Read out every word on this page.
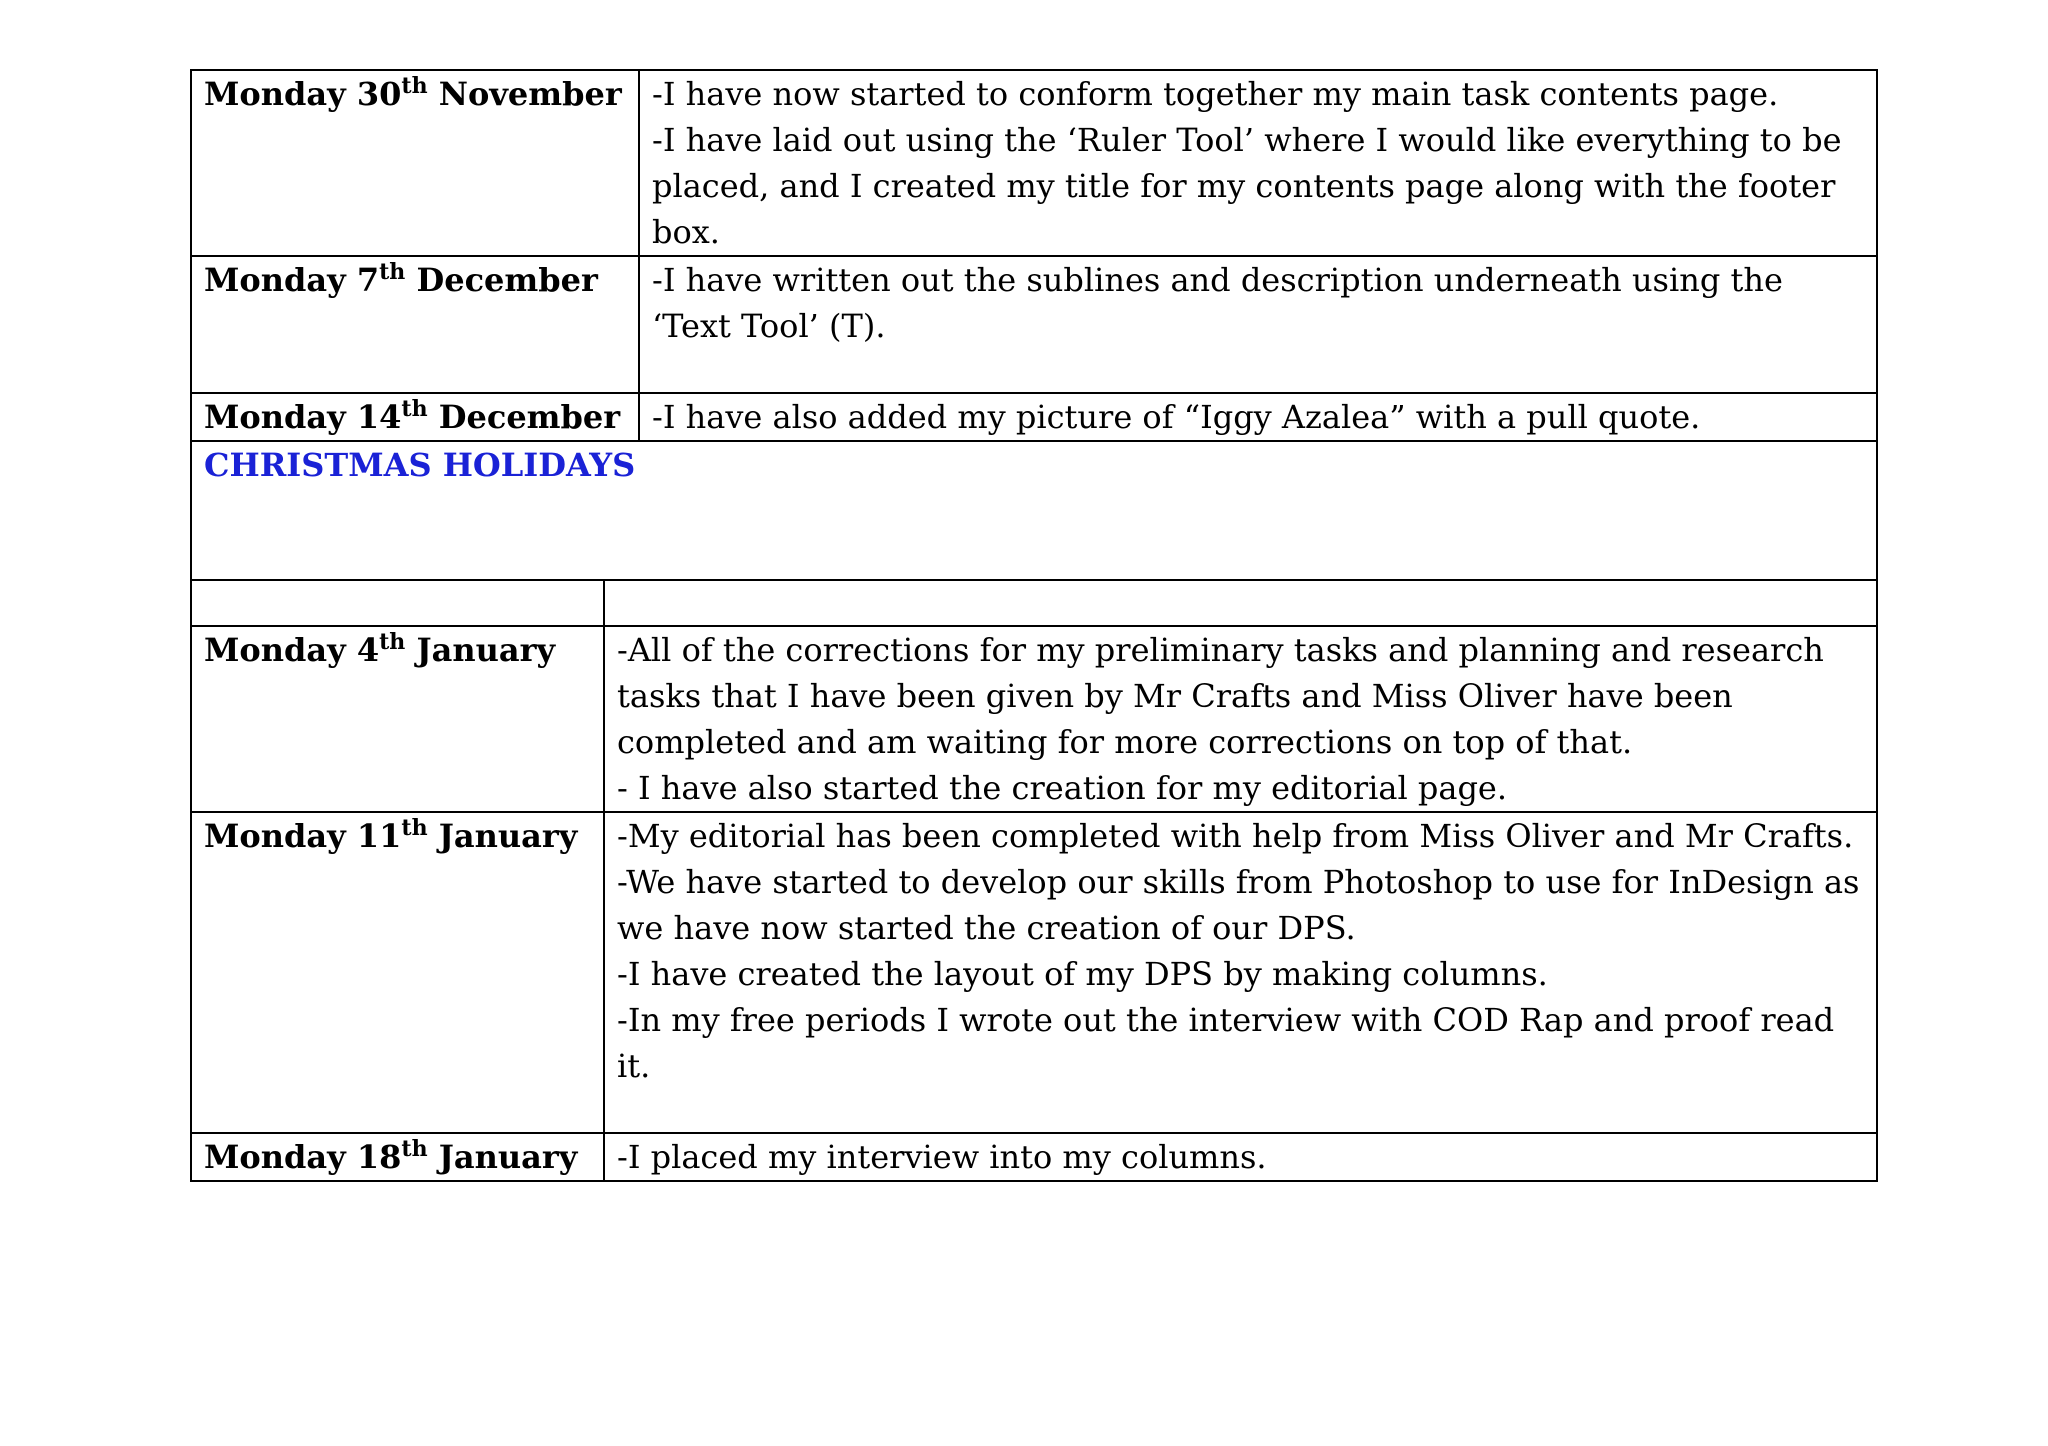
Monday 30th November	-I have now started to conform together my main task contents page.

-I have laid out using the ‘Ruler Tool’ where I would like everything to be placed, and I created my title for my contents page along with the footer box.

Monday 7th December	-I have written out the sublines and description underneath using the ‘Text Tool’ (T).

Monday 14th December	-I have also added my picture of “Iggy Azalea” with a pull quote.

CHRISTMAS HOLIDAYS	

Monday 4th January	-All of the corrections for my preliminary tasks and planning and research tasks that I have been given by Mr Crafts and Miss Oliver have been completed and am waiting for more corrections on top of that.

- I have also started the creation for my editorial page.

Monday 11th January	-My editorial has been completed with help from Miss Oliver and Mr Crafts.

-We have started to develop our skills from Photoshop to use for InDesign as we have now started the creation of our DPS.

-I have created the layout of my DPS by making columns.

-In my free periods I wrote out the interview with COD Rap and proof read it.

Monday 18th January	-I placed my interview into my columns.
